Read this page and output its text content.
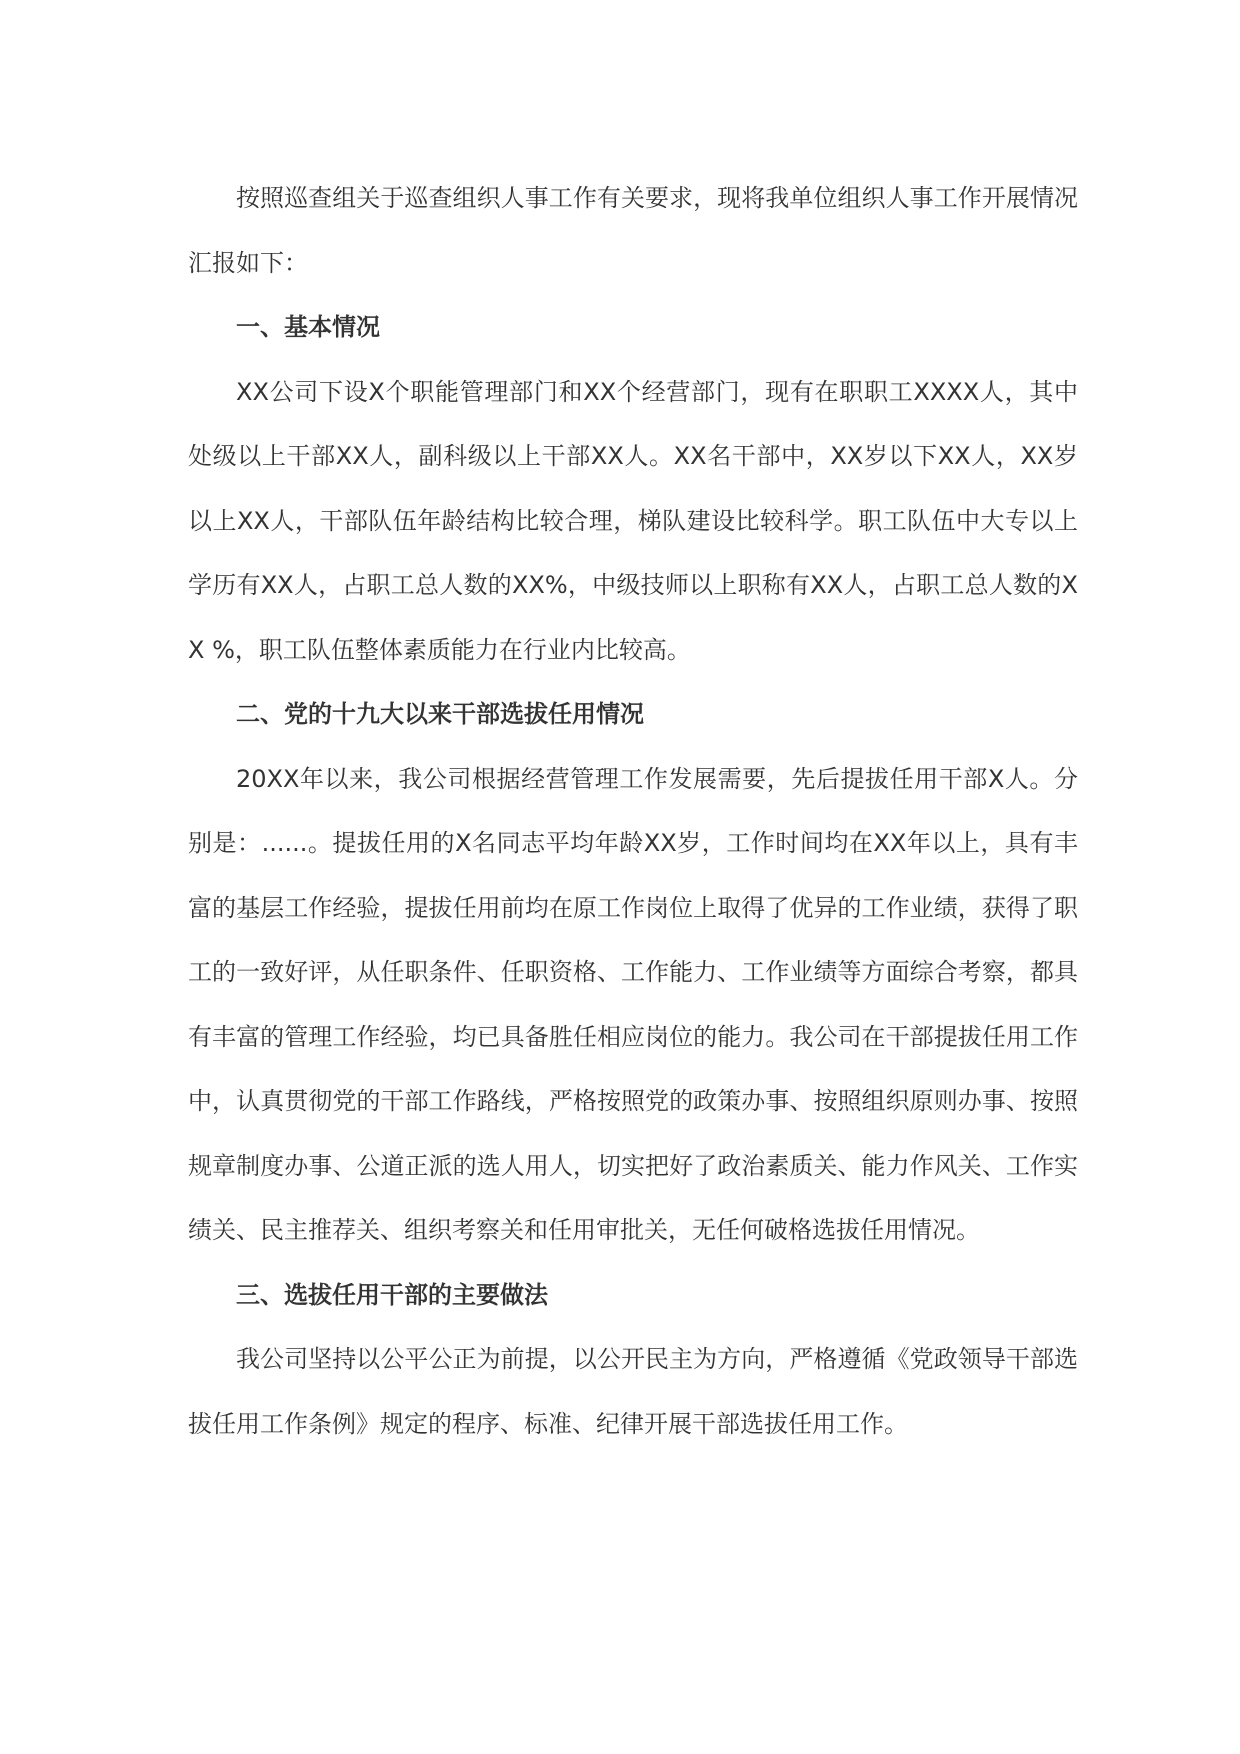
按照巡查组关于巡查组织人事工作有关要求，现将我单位组织人事工作开展情况汇报如下：

一、基本情况

XX公司下设X个职能管理部门和XX个经营部门，现有在职职工XXXX人，其中处级以上干部XX人，副科级以上干部XX人。XX名干部中，XX岁以下XX人，XX岁以上XX人，干部队伍年龄结构比较合理，梯队建设比较科学。职工队伍中大专以上学历有XX人，占职工总人数的XX%，中级技师以上职称有XX人，占职工总人数的XX %，职工队伍整体素质能力在行业内比较高。

二、党的十九大以来干部选拔任用情况

20XX年以来，我公司根据经营管理工作发展需要，先后提拔任用干部X人。分别是：......。提拔任用的X名同志平均年龄XX岁，工作时间均在XX年以上，具有丰富的基层工作经验，提拔任用前均在原工作岗位上取得了优异的工作业绩，获得了职工的一致好评，从任职条件、任职资格、工作能力、工作业绩等方面综合考察，都具有丰富的管理工作经验，均已具备胜任相应岗位的能力。我公司在干部提拔任用工作中，认真贯彻党的干部工作路线，严格按照党的政策办事、按照组织原则办事、按照规章制度办事、公道正派的选人用人，切实把好了政治素质关、能力作风关、工作实绩关、民主推荐关、组织考察关和任用审批关，无任何破格选拔任用情况。

三、选拔任用干部的主要做法

我公司坚持以公平公正为前提，以公开民主为方向，严格遵循《党政领导干部选拔任用工作条例》规定的程序、标准、纪律开展干部选拔任用工作。
